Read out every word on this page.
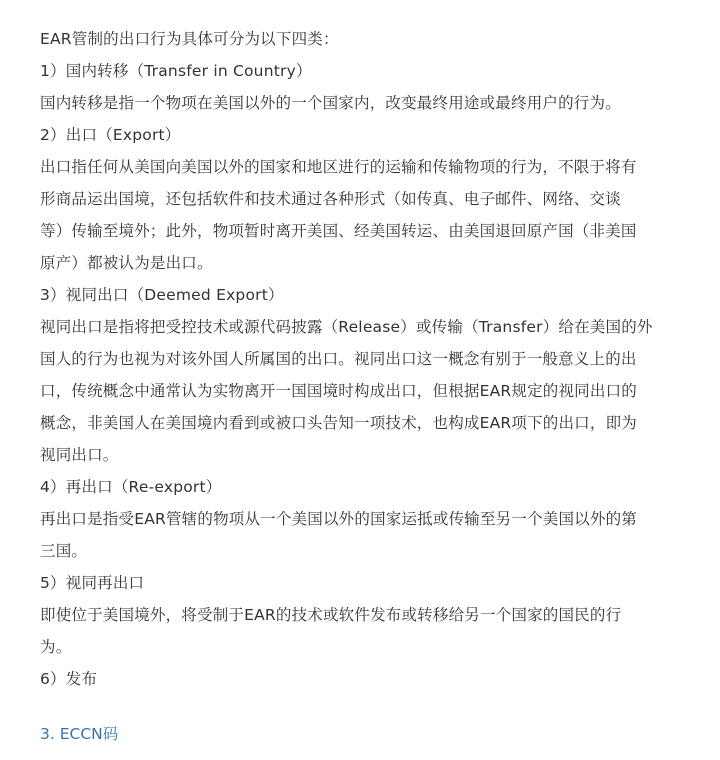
EAR管制的出口行为具体可分为以下四类：
1）国内转移（Transfer in Country）
国内转移是指一个物项在美国以外的一个国家内，改变最终用途或最终用户的行为。
2）出口（Export）
出口指任何从美国向美国以外的国家和地区进行的运输和传输物项的行为，不限于将有
形商品运出国境，还包括软件和技术通过各种形式（如传真、电子邮件、网络、交谈
等）传输至境外；此外，物项暂时离开美国、经美国转运、由美国退回原产国（非美国
原产）都被认为是出口。
3）视同出口（Deemed Export）
视同出口是指将把受控技术或源代码披露（Release）或传输（Transfer）给在美国的外
国人的行为也视为对该外国人所属国的出口。视同出口这一概念有别于一般意义上的出
口，传统概念中通常认为实物离开一国国境时构成出口，但根据EAR规定的视同出口的
概念，非美国人在美国境内看到或被口头告知一项技术，也构成EAR项下的出口，即为
视同出口。
4）再出口（Re-export）
再出口是指受EAR管辖的物项从一个美国以外的国家运抵或传输至另一个美国以外的第
三国。
5）视同再出口
即使位于美国境外，将受制于EAR的技术或软件发布或转移给另一个国家的国民的行
为。
6）发布
3. ECCN码
